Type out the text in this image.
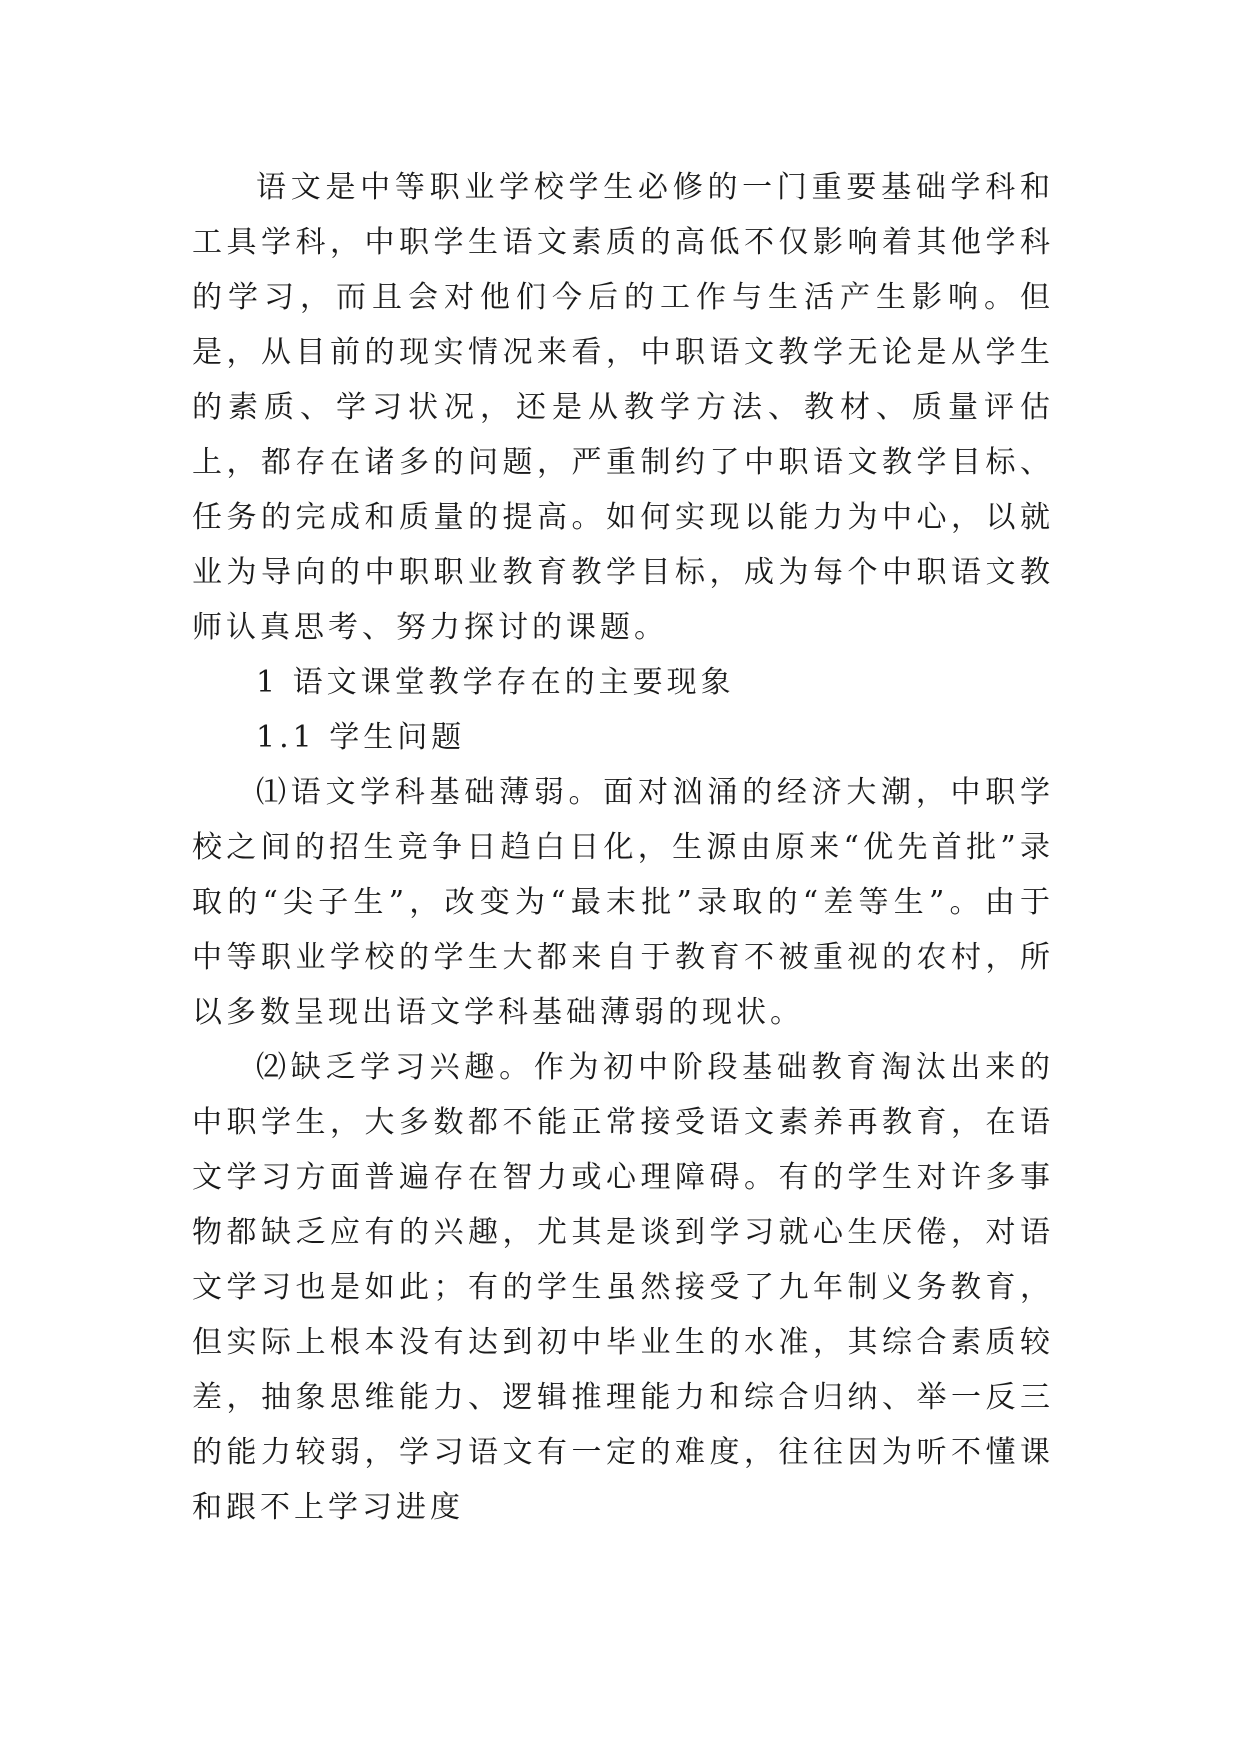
语文是中等职业学校学生必修的一门重要基础学科和工具学科，中职学生语文素质的高低不仅影响着其他学科的学习，而且会对他们今后的工作与生活产生影响。但是，从目前的现实情况来看，中职语文教学无论是从学生的素质、学习状况，还是从教学方法、教材、质量评估上，都存在诸多的问题，严重制约了中职语文教学目标、任务的完成和质量的提高。如何实现以能力为中心，以就业为导向的中职职业教育教学目标，成为每个中职语文教师认真思考、努力探讨的课题。

1 语文课堂教学存在的主要现象

1.1 学生问题

⑴语文学科基础薄弱。面对汹涌的经济大潮，中职学校之间的招生竞争日趋白日化，生源由原来“优先首批”录取的“尖子生”，改变为“最末批”录取的“差等生”。由于中等职业学校的学生大都来自于教育不被重视的农村，所以多数呈现出语文学科基础薄弱的现状。

⑵缺乏学习兴趣。作为初中阶段基础教育淘汰出来的中职学生，大多数都不能正常接受语文素养再教育，在语文学习方面普遍存在智力或心理障碍。有的学生对许多事物都缺乏应有的兴趣，尤其是谈到学习就心生厌倦，对语文学习也是如此；有的学生虽然接受了九年制义务教育，但实际上根本没有达到初中毕业生的水准，其综合素质较差，抽象思维能力、逻辑推理能力和综合归纳、举一反三的能力较弱，学习语文有一定的难度，往往因为听不懂课和跟不上学习进度
